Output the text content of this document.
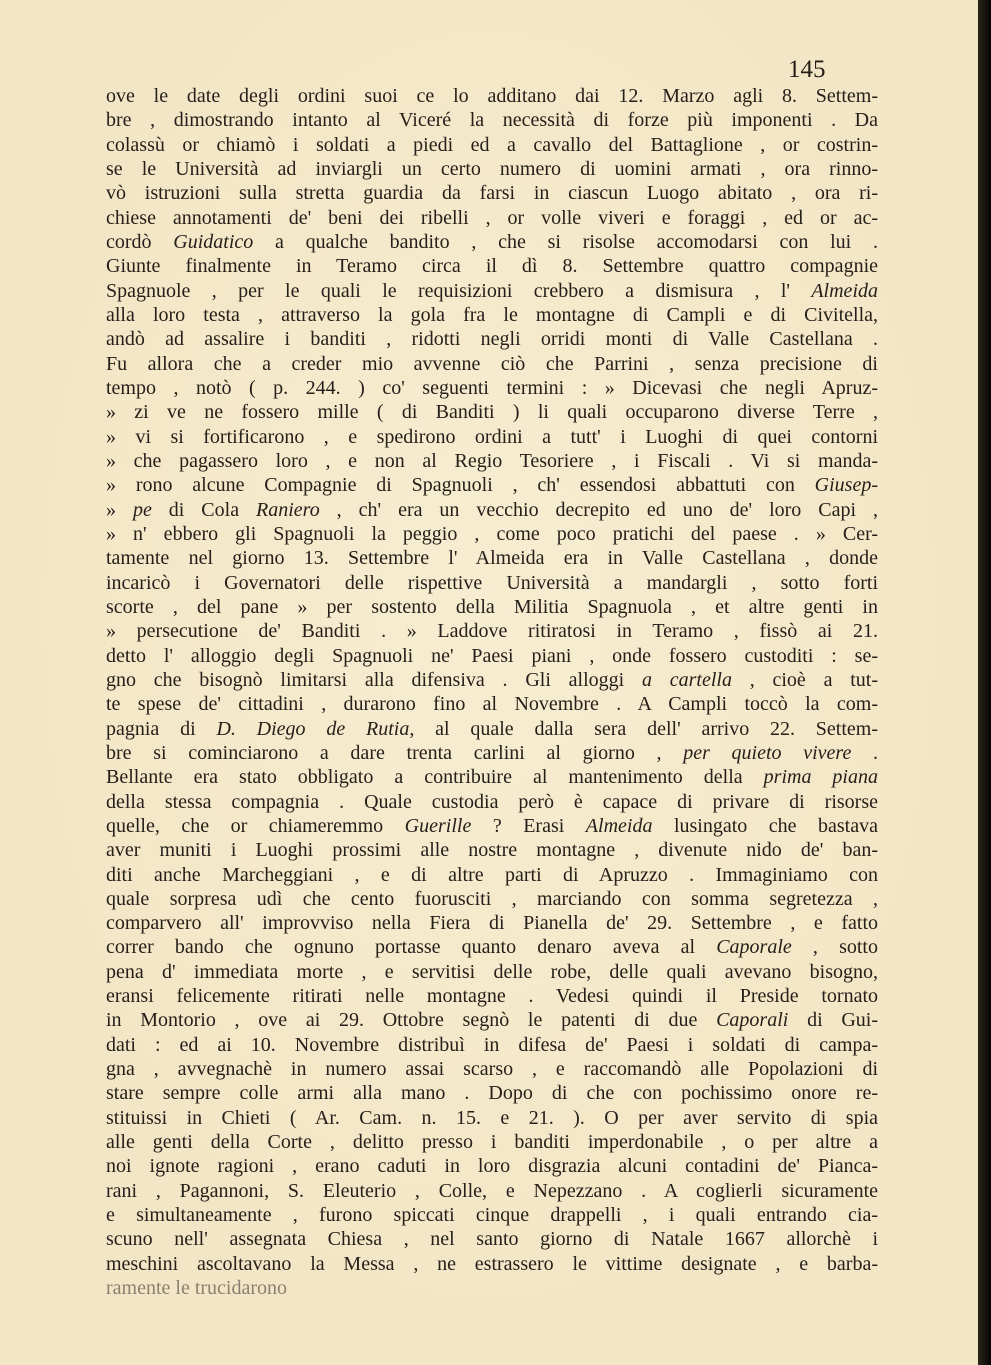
145
ove le date degli ordini suoi ce lo additano dai 12. Marzo agli 8. Settem-
bre , dimostrando intanto al Viceré la necessità di forze più imponenti . Da
colassù or chiamò i soldati a piedi ed a cavallo del Battaglione , or costrin-
se le Università ad inviargli un certo numero di uomini armati , ora rinno-
vò istruzioni sulla stretta guardia da farsi in ciascun Luogo abitato , ora ri-
chiese annotamenti de' beni dei ribelli , or volle viveri e foraggi , ed or ac-
cordò Guidatico a qualche bandito , che si risolse accomodarsi con lui .
Giunte finalmente in Teramo circa il dì 8. Settembre quattro compagnie
Spagnuole , per le quali le requisizioni crebbero a dismisura , l' Almeida
alla loro testa , attraverso la gola fra le montagne di Campli e di Civitella,
andò ad assalire i banditi , ridotti negli orridi monti di Valle Castellana .
Fu allora che a creder mio avvenne ciò che Parrini , senza precisione di
tempo , notò ( p. 244. ) co' seguenti termini : » Dicevasi che negli Apruz-
» zi ve ne fossero mille ( di Banditi ) li quali occuparono diverse Terre ,
» vi si fortificarono , e spedirono ordini a tutt' i Luoghi di quei contorni
» che pagassero loro , e non al Regio Tesoriere , i Fiscali . Vi si manda-
» rono alcune Compagnie di Spagnuoli , ch' essendosi abbattuti con Giusep-
» pe di Cola Raniero , ch' era un vecchio decrepito ed uno de' loro Capi ,
» n' ebbero gli Spagnuoli la peggio , come poco pratichi del paese . » Cer-
tamente nel giorno 13. Settembre l' Almeida era in Valle Castellana , donde
incaricò i Governatori delle rispettive Università a mandargli , sotto forti
scorte , del pane » per sostento della Militia Spagnuola , et altre genti in
» persecutione de' Banditi . » Laddove ritiratosi in Teramo , fissò ai 21.
detto l' alloggio degli Spagnuoli ne' Paesi piani , onde fossero custoditi : se-
gno che bisognò limitarsi alla difensiva . Gli alloggi a cartella , cioè a tut-
te spese de' cittadini , durarono fino al Novembre . A Campli toccò la com-
pagnia di D. Diego de Rutia, al quale dalla sera dell' arrivo 22. Settem-
bre si cominciarono a dare trenta carlini al giorno , per quieto vivere .
Bellante era stato obbligato a contribuire al mantenimento della prima piana
della stessa compagnia . Quale custodia però è capace di privare di risorse
quelle, che or chiameremmo Guerille ? Erasi Almeida lusingato che bastava
aver muniti i Luoghi prossimi alle nostre montagne , divenute nido de' ban-
diti anche Marcheggiani , e di altre parti di Apruzzo . Immaginiamo con
quale sorpresa udì che cento fuorusciti , marciando con somma segretezza ,
comparvero all' improvviso nella Fiera di Pianella de' 29. Settembre , e fatto
correr bando che ognuno portasse quanto denaro aveva al Caporale , sotto
pena d' immediata morte , e servitisi delle robe, delle quali avevano bisogno,
eransi felicemente ritirati nelle montagne . Vedesi quindi il Preside tornato
in Montorio , ove ai 29. Ottobre segnò le patenti di due Caporali di Gui-
dati : ed ai 10. Novembre distribuì in difesa de' Paesi i soldati di campa-
gna , avvegnachè in numero assai scarso , e raccomandò alle Popolazioni di
stare sempre colle armi alla mano . Dopo di che con pochissimo onore re-
stituissi in Chieti ( Ar. Cam. n. 15. e 21. ). O per aver servito di spia
alle genti della Corte , delitto presso i banditi imperdonabile , o per altre a
noi ignote ragioni , erano caduti in loro disgrazia alcuni contadini de' Pianca-
rani , Pagannoni, S. Eleuterio , Colle, e Nepezzano . A coglierli sicuramente
e simultaneamente , furono spiccati cinque drappelli , i quali entrando cia-
scuno nell' assegnata Chiesa , nel santo giorno di Natale 1667 allorchè i
meschini ascoltavano la Messa , ne estrassero le vittime designate , e barba-
ramente le trucidarono
